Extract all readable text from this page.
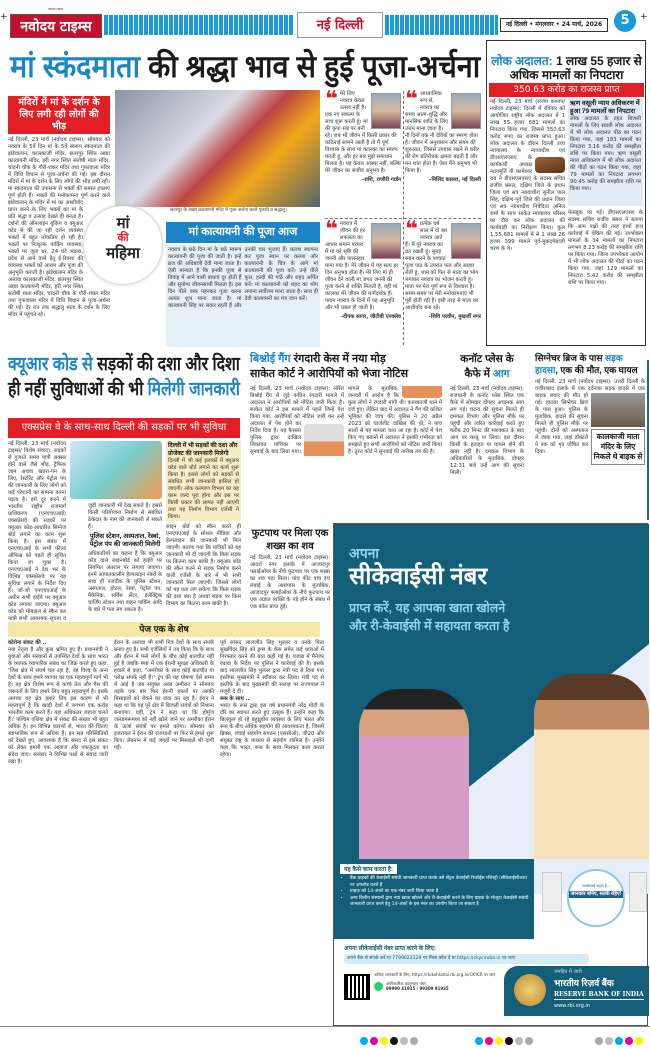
+	+
नवोदय टाइम्स
नवोदय टाइम्स	नई दिल्ली	नई दिल्ली • मंगलवार • 24 मार्च, 2026	5
मां स्कंदमाता की श्रद्धा भाव से हुई पूजा-अर्चना
मंदिरों में मां के दर्शन के लिए लगी रही लोगों की भीड़
नई दिल्ली, 23 मार्च (नवोदय टाइम्स): सोमवार को नवरात्र के 5वें दिन मां के 5वें स्वरूप स्कंदमाता की झंडेवालान, कालकाजी मंदिर, छतरपुर स्थित आद्या कात्यायनी मंदिर, हरी नगर स्थित संतोषी माता मंदिर, चांदनी चौक के गौरी-शंकर मंदिर तथा गुफावाला मंदिर में विधि विधान से पूजा-अर्चना की गई। इस दौरान मंदिरों में मां के दर्शन के लिए लोगों की भीड़ लगी रही। मां स्कंदमाता की उपासना से भक्तों की समस्त इच्छाएं पूर्ण होती हैं। भक्तों की मनोकामना पूर्ण करने वाले झंडेवालान के मंदिर में मां का आशीर्वाद प्राप्त करने के लिए भक्तों का मां के प्रति श्रद्धा व उत्साह देखते ही बनता है। दर्शनों की ऑनलाइन बुकिंग व क्यूआर कोड से की जा रही दर्शन व्यवस्था भक्तों में बहुत लोकप्रिय हो रही है। भक्तों पर निःशुल्क पार्किंग व्यवस्था, भक्तों पर जूता घर, 24 घंटे भंडारा, प्रदेश से आने वाले हेतु ई-रिक्शा की व्यवस्था भक्तों को आराम और पूजा की अनुभूति कराती है। झंडेवालान मंदिर के अलावा कालकाजी मंदिर, छतरपुर स्थित आद्या कात्यायनी मंदिर, हरी नगर स्थित संतोषी माता मंदिर, चांदनी चौक के गौरी-शंकर मंदिर तथा गुफावाला मंदिर में विधि विधान से पूजा-अर्चना की गई। देर रात तक श्रद्धालु माता के दर्शन के लिए मंदिर में पहुंचते रहे।
छतरपुर के आद्या कात्यायनी मंदिर में पूजा-अर्चना करते पुजारी व श्रद्धालु।
मां
की
महिमा
मां कात्यायनी की पूजा आज
नवरात्र के छठे दिन मां के छठे स्वरूप कात्यायनी की पूजा की जाती है। इन्हें ब्रज की अधिष्ठात्री देवी माना जाता है। ऐसी मान्यता है कि इनकी पूजा से विवाह में आने वाली बाधाएं दूर होती हैं और सुयोग्य जीवनसाथी मिलता है। इस दिन पीले वस्त्र पहनकर पूजा करना अत्यंत शुभ माना जाता है। मां कात्यायनी सिंह पर सवार रहती हैं और उनकी चार भुजाएं हैं। कलश स्थापना कर पूजा स्थान पर कलश और कात्यायनी के चित्र के आगे मां कात्यायनी की पूजा करें। उन्हें पीले फूल, हल्दी की गांठें और शहद अर्पित करें। मां कात्यायनी को शहद का भोग लगाना सर्वोत्तम माना जाता है। साथ ही देवी कात्यायनी का मंत्र जाप करें।
❝ मेरे लिए नवरात्र केवल उत्सव नहीं है। एक नए संकल्प के साथ शुरू करती हूं। मां की कृपा सब पर बनी रहे। जब भी जीवन में किसी प्रकार की कठिनाई सामने आती है तो मैं पूर्ण विश्वास के साथ मां कालका का स्मरण करती हूं, और हर बार मुझे समाधान मिलता है। यह केवल आस्था नहीं, बल्कि मेरे जीवन का सजीव अनुभव है।
–शशि, राजौरी गार्डन
❝ आध्यात्मिक रूप से, नवरात्र का समय आत्म-शुद्धि और मानसिक शांति के लिए उत्तम माना जाता है। नौ दिनों तक नौ देवियों का स्मरण होता है। जीवन में अनुशासन और संयम की शुरुआत, जिससे उपवास रखने से शरीर की रोग प्रतिरोधक क्षमता बढ़ती है और मन शांत होता है। ऐसा मैंने अनुभव भी किया है।
-मिलिंद कालरा, नई दिल्ली
❝ नवरात्र में जीवन की हर सफलता का आधार समान परंपरा में मां को सृष्टि की जननी और पालनहार माना गया है। मेरे जीवन में यह सत्य हर दिन अनुभव होता है। मेरे लिए मां ही जीवन देने वाली मां जगत जननी की पूजा करने से शक्ति मिलती है, वहीं मां कालका मेरे जीवन की मार्गदर्शक हैं। पावन नवरात्र के दिनों में यह अनुभूति और भी प्रबल हो जाती है।
-दीपक सागर, जीटीबी एनक्लेव
❝ प्रत्येक वर्ष साल में दो बार नवरात्र आते हैं। मैं पूरे नवरात्र का व्रत रखती हूं। सुबह स्नान करने के पश्चात पूजा पाठ के उपरांत फल और आहार लेती हूं, शाम को फिर से माता का भोग लगाकर नवरात्र का भोजन करती हूं। माता पर मेरा पूर्ण रूप से विश्वास है। समय-समय पर मेरी मनोकामनाएं भी पूरी होती रही हैं। इसी तरह से माता का आशीर्वाद बना रहे।
-शिवि परवीन, मुखर्जी नगर
लोक अदालत: 1 लाख 55 हजार से अधिक मामलों का निपटारा
350.63 करोड़ का राजस्व प्राप्त
नई दिल्ली, 23 मार्च (संजय कश्यप/नवोदय टाइम्स): दिल्ली में रविवार को आयोजित राष्ट्रीय लोक अदालत में 1 लाख 55 हजार 681 मामलों का निपटारा किया गया, जिससे 350.63 करोड़ रुपए का राजस्व प्राप्त हुआ। लोक अदालत के दौरान दिल्ली उच्च न्यायालय के न्यायाधीश एवं डीएसएलएसए के कार्यकारी अध्यक्ष न्यायमूर्ति वी कामेश्वर राव ने डीएसएलएसए के सदस्य सचिव राजीव बंसल, दक्षिण जिले के प्रधान जिला एवं सत्र न्यायाधीश सुनील पाल सिंह, दक्षिण-पूर्व जिले की प्रधान जिला एवं सत्र न्यायाधीश निवेदिता अनिल शर्मा के साथ साकेत न्यायालय परिसर का दौरा कर लोक अदालत की कार्यवाही का निरीक्षण किया। कुल 1,55,681 मामलों में से 1 लाख 26 हजार 399 मामले पूर्व-मुकदमेबाजी चरण के थे।
ऋण वसूली न्याय अधिकरण में हुआ 79 मामलों का निपटारा
लोक अदालत के तहत बिजली मामलों के लिए स्थायी लोक अदालत में भी लोक अदालत पीठ का गठन किया गया, जहां 183 मामलों का निपटारा 3.16 करोड़ की समझौता राशि पर किया गया। ऋण वसूली न्याय अधिकरण में भी लोक अदालत की पीठों का गठन किया गया, जहां 79 मामलों का निपटारा लगभग 90.45 करोड़ की समझौता राशि पर किया गया।
फेसबुक पर गई। डीएसएलएसए के सदस्य सचिव राजीव बंसल ने बताया कि आम पक्षों की तरह हाथों हाथ कार्रवाई में चेकिंग की गई। उपभोक्ता मामलों के 34 मामलों का निपटारा लगभग 8.23 करोड़ की समझौता राशि पर किया गया। जिला उपभोक्ता आयोग में भी लोक अदालत की पीठों का गठन किया गया, जहां 129 मामलों का निपटारा 5.42 करोड़ की समझौता राशि पर किया गया।
क्यूआर कोड से सड़कों की दशा और दिशा
ही नहीं सुविधाओं की भी मिलेगी जानकारी
एक्सप्रेस वे के साथ-साथ दिल्ली की सड़कों पर भी सुविधा
नई दिल्ली, 23 मार्च (नवोदय टाइम्स/ विशेष संवाद): सड़कों से गुजरते समय यात्री अक्सर होने वाले जैसे भीड़, ट्रैफिक जाम अथवा खतरा-पन के लिए, रेस्टोरेंट और पेट्रोल पंप की जानकारी के लिए लोगों को कई परेशानी का सामना करना पड़ता है। इसे दूर करने में भारतीय राष्ट्रीय राजमार्ग प्राधिकरण (एनएचएआई) एक्सप्रेसवे की सड़कों पर क्यूआर कोड-आधारित सिग्नेज बोर्ड लगाने का काम शुरू किया है। इस संबंध में एनएचएआई के सभी फील्ड ऑफिस को पहले ही सूचित किया जा चुका है। एनएचएआई ने देश भर के विभिन्न एक्सप्रेसवे पर यह सुविधा लगाने के निर्देश दिए हैं। जो-जो एनएचएआई के अधीन सभी हाईवे पर क्यूआर कोड लगाया जाएगा। क्यूआर कोड को मोबाइल से स्कैन कर यात्री सभी आवश्यक सूचना व
दिल्ली में भी सड़कों की दशा और प्रोजेक्ट की जानकारी मिलेगी
दिल्ली में भी कई इलाकों में क्यूआर कोड वाले बोर्ड लगाने का कार्य शुरू किया है। इससे लोगों को सड़कों से संबंधित सभी जानकारी हासिल हो जाएगी। लोक कल्याण विभाग का यह काम जल्द पूरा होगा और इस पर किसी प्रकार की लागत नहीं आएगी तथा यह निर्माण विभाग एजेंसी ने किया।
जुड़ी जानकारी भी देख सकते हैं। इससे किसी परियोजना निर्माण से संबंधित ठेकेदार के नाम की जानकारी ले सकते हैं।
पुलिस स्टेशन, अस्पताल, रेस्त्रां, पेट्रोल पंप की जानकारी मिलेगी
अधिकारियों का कहना है कि क्यूआर कोड वाले साइनबोर्ड को हाईवे पर नियमित अंतराल पर लगाया जाएगा। इनमें आपातकालीन हेल्पलाइन नंबरों के साथ ही नजदीक के पुलिस स्टेशन, अस्पताल, होटल, रेस्त्रां, पेट्रोल पंप, मैकेनिक, सर्विस सेंटर, इलेक्ट्रिक चार्जिंग स्टेशन तथा वाहन पार्किंग आदि के बारे में पता लग सकता है।
साइन बोर्ड को स्कैन करते ही एनएचएआई के सोशल मीडिया और हेल्पलाइन की जानकारी भी मिल जाएगी। बताया गया कि यात्रियों को यह जानकारी भी दी जाएगी कि किस सड़क पर कितना काम बाकी है। क्यूआर कोड की स्कैन करने से सड़क निर्माण करने वाली एजेंसी के बारे में भी सभी जानकारी मिल जाएगी। जिससे लोगों को यह पता लग सकेगा कि किस सड़क की दशा क्या है अथवा सड़क पर किस विभाग का कितना काम बाकी है।
बिश्नोई गैंग रंगदारी केस में नया मोड़
साकेत कोर्ट ने आरोपियों को भेजा नोटिस
नई दिल्ली, 23 मार्च (नवोदय टाइम्स): लॉरेंस बिश्नोई गैंग से जुड़े कथित रंगदारी मामले में अदालत ने आरोपियों को नोटिस जारी किया है। साकेत कोर्ट ने इस मामले में पहले जिन्हें पेश किया गया, आरोपियों को नोटिस जारी कर उन्हें अदालत में पेश होने का निर्देश दिया है। यह फैसला पुलिस द्वारा दाखिल शिकायत याचिका पर सुनवाई के बाद लिया गया। मामले के मुताबिक, जनवरी में आरोप है कि कुछ लोगों ने रंगदारी मांगी थी। कालकाजी थाने में दर्ज हुए। लेकिन बाद में अदालत ने गैंग की कथित भूमिका की जांच की। पुलिस ने 20 अप्रैल 2023 को चार्जशीट दाखिल की थी, ने पांच सालों से यह मामला चला आ रहा है। कोर्ट में पेश किए गए बयानों में अदालत ने इसकी गंभीरता को समझते हुए सभी आरोपियों को नोटिस जारी किया है। तुरंत कोर्ट ने सुनवाई की तारीख तय की है।
कनॉट प्लेस के
कैफे में आग
नई दिल्ली, 23 मार्च (नवोदय टाइम्स): राजधानी के कनॉट प्लेस स्थित एक कैफे में सोमवार दोपहर अचानक आग लग गई। घटना की सूचना मिलते ही दमकल विभाग और पुलिस मौके पर पहुंची और त्वरित कार्रवाई करते हुए करीब 20 मिनट की मशक्कत के बाद आग पर काबू पा लिया। इस दौरान किसी के हताहत या घायल होने की खबर नहीं है। दमकल विभाग के अधिकारियों के मुताबिक, दोपहर 12:31 बजे उन्हें आग की सूचना मिली।
सिग्नेचर ब्रिज के पास सड़क हादसा, एक की मौत, एक घायल
कालकाजी माता मंदिर के लिए निकले थे बाइक से
नई दिल्ली, 23 मार्च (नवोदय टाइम्स): उत्तरी दिल्ली के वजीराबाद इलाके में एक दर्दनाक सड़क हादसे में एक बाइक सवार की मौत हो गई। हादसा सिग्नेचर ब्रिज के पास हुआ। पुलिस के मुताबिक, हादसे की सूचना मिलते ही पुलिस मौके पर पहुंची। दोनों को अस्पताल ले जाया गया, जहां डॉक्टरों ने एक को मृत घोषित कर दिया।
फुटपाथ पर मिला एक शख्स का शव
नई दिल्ली, 23 मार्च (नवोदय टाइम्स): आदर्श नगर इलाके में आजादपुर फ्लाईओवर के नीचे फुटपाथ पर एक शख्स का शव पड़ा मिला। पांच फीट पांच इंच लंबाई के आसपास के मुताबिक, आजादपुर फ्लाईओवर के नीचे फुटपाथ पर एक अज्ञात व्यक्ति के पड़े होने के संबंध में एक कॉल प्राप्त हुई।
पेज एक के शेष
कोरोना संकट की ..
नया नेतृत्व है और कुछ भ्रमित हुए हैं। प्रधानमंत्री ने युवाओं और संस्थानों से उपस्थित देशों के साथ भारत के व्यापक व्यापारिक संबंध का जिक्र करते हुए कहा, 'जिस क्षेत्र में संघर्ष चल रहा है, वह विश्व के अन्य देशों के साथ हमारे व्यापार का एक महत्वपूर्ण मार्ग भी है। यह क्षेत्र विशेष रूप से कच्चे तेल और गैस की जरूरतों के लिए हमारे लिए बहुत महत्वपूर्ण है। इसके अलावा यह क्षेत्र हमारे लिए इस कारण से भी महत्वपूर्ण है कि खाड़ी देशों में लगभग एक करोड़ भारतीय काम करते हैं। यहां अधिकतर जहाज चलते हैं।' पश्चिम एशिया क्षेत्र में संकट की संख्या भी बहुत अधिक है। इन विभिन्न कारणों से, भारत की चिंताएं स्वाभाविक रूप से अधिक हैं। इन सब परिस्थितियों को देखते हुए, आवश्यक है कि संसद से इस संकट को लेकर हमारी एक आवाज और एकजुटता का संदेश जाए। सरकार ने विभिन्न पक्षों से संवाद जारी रखा है।
ईरान के अलावा भी सभी मित्र देशों के साथ संपर्क बनाए हुए है। सभी एजेंसियों ने तय किया कि के साथ और ईरान में फंसे लोगों के बीच कोई बातचीत नहीं हुई है जबकि स्पष्ट में एक ईरानी सुरक्षा अधिकारी के हवाले से कहा, "अमरीका के साथ कोई बातचीत या परोक्ष संपर्क नहीं हैं।" ट्रंप की यह घोषणा ऐसे समय में आई है जब संयुक्त अरब अमीरात ने सोमवार तड़के एक बार फिर ईरानी हमलों पर उसकी मिसाइलों को रोकने का दावा कर रहा है। ईरान ने कहा था कि वह पूरे क्षेत्र में बिजली संयंत्रों को निशाना बनाएगा। वहीं, ट्रंप ने कहा था कि होर्मुज जलडमरूमध्य को नहीं खोले जाने पर अमरीका ईरान के ऊर्जा संयंत्रों पर हमले करेगा। सोमवार को इजरायल ने ईरान की राजधानी पर फिर से हमले शुरू किए। लेबनान में कई जगहों पर मिसाइलें भी दागी गईं।
पूर्व सांसद लालजीत सिंह भुल्लर व उनके पिता सुखविंदर सिंह को ड्रग्स के केस समेत कई धाराओं में गिरफ्तार करने की बात कही गई है। पंजाब में मैनेजर रंधावा के निर्देश पर पुलिस ने कार्रवाई की है। इसके बाद लालजीत सिंह भुल्लर द्वारा मंत्री पद से दिया गया इस्तीफा मुख्यमंत्री ने स्वीकार कर लिया। मंत्री पद से इस्तीफे के बाद मुख्यमंत्री की सलाह पर राज्यपाल ने मंजूरी दे दी।
रूस के साथ ..
भारत के रूस द्वारा इस वर्ष प्रधानमंत्री नरेंद्र मोदी के दौरे का स्वागत करते हुए उत्सुक हैं। उन्होंने कहा कि बिलकुल हो रहे बहुध्रुवीय व्यवस्था के लिए भारत और रूस के बीच अधिक सहयोग की आवश्यकता है, जिसमें ब्रिक्स, शंघाई सहयोग संगठन (एससीओ), जी20 और संयुक्त राष्ट्र के माध्यम से सहयोग शामिल है। उन्होंने कहा कि भारत, रूस के साथ मिलकर काम करता रहेगा।
अपना
सीकेवाईसी नंबर
प्राप्त करें, यह आपका खाता खोलने और री-केवाईसी में सहायता करता है
यह कैसे काम करता है:
• बैंक ग्राहकों की केवाईसी संबंधी जानकारी प्राप्त करके उसे सेंट्रल केवाईसी रिकॉर्ड्स रजिस्ट्री (सीकेवाईसीआर) पर अपलोड करते हैं
• ग्राहक को 14-अंकों का एक नंबर जारी किया जाता है
• अन्य वित्तीय संस्थानों द्वारा नया खाता खोलने और री-केवाईसी करने के लिए ग्राहक के मौजूदा केवाईसी संबंधी जानकारी प्राप्त करने हेतु 14-अंकों के इस नंबर का उपयोग किया जा सकता है
आरबीआई कहता है...
जानकार बनिए, सतर्क रहिए!
अपना सीकेवाईसी नंबर प्राप्त करने के लिए:
अपने बैंक से संपर्क करें या 7799022129 पर मिस्ड कॉल दें या https://ckycindia.in पर जाएं
अधिक जानकारी के लिए, https://rbikehtahai.rbi.org.in/CKYCR पर जाएं
आधिकारिक व्हाट्सएप नंबर:
99990 41935 / 99309 91935
जनहित में जारी
भारतीय रिज़र्व बैंक
RESERVE BANK OF INDIA
www.rbi.org.in
